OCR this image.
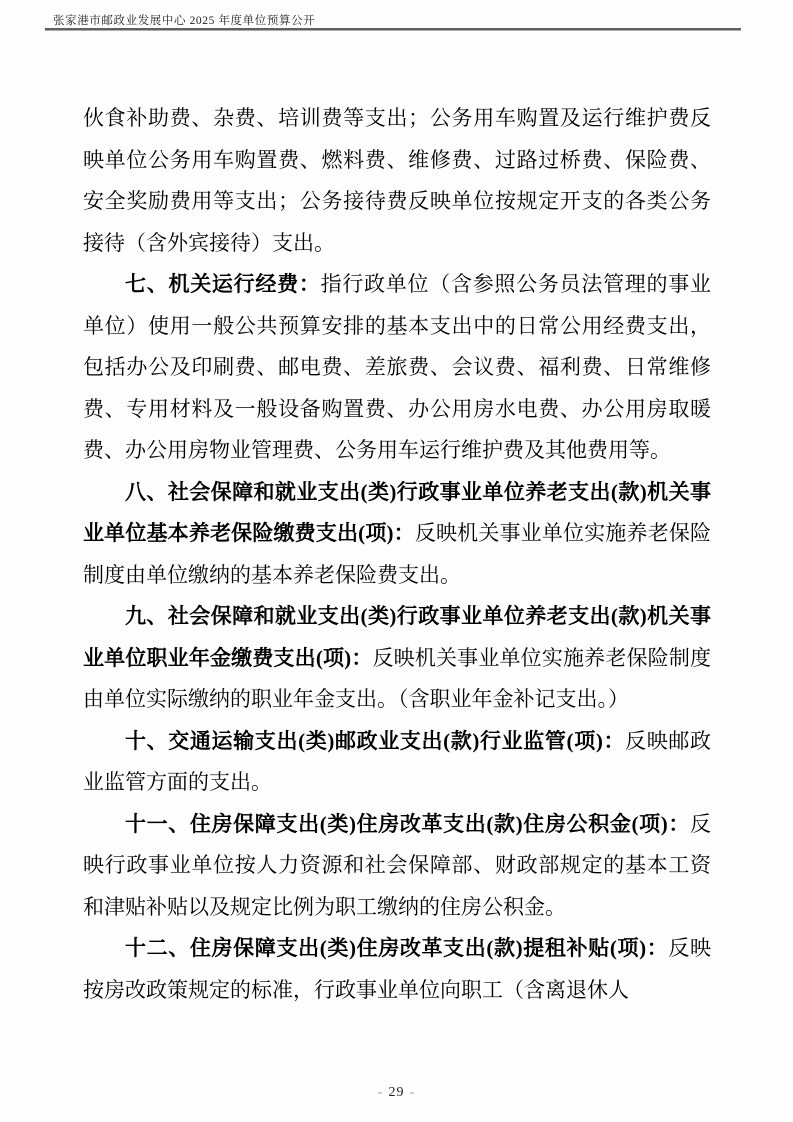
张家港市邮政业发展中心 2025 年度单位预算公开

伙食补助费、杂费、培训费等支出；公务用车购置及运行维护费反映单位公务用车购置费、燃料费、维修费、过路过桥费、保险费、安全奖励费用等支出；公务接待费反映单位按规定开支的各类公务接待（含外宾接待）支出。

七、机关运行经费：指行政单位（含参照公务员法管理的事业单位）使用一般公共预算安排的基本支出中的日常公用经费支出，包括办公及印刷费、邮电费、差旅费、会议费、福利费、日常维修费、专用材料及一般设备购置费、办公用房水电费、办公用房取暖费、办公用房物业管理费、公务用车运行维护费及其他费用等。

八、社会保障和就业支出(类)行政事业单位养老支出(款)机关事业单位基本养老保险缴费支出(项)：反映机关事业单位实施养老保险制度由单位缴纳的基本养老保险费支出。

九、社会保障和就业支出(类)行政事业单位养老支出(款)机关事业单位职业年金缴费支出(项)：反映机关事业单位实施养老保险制度由单位实际缴纳的职业年金支出。（含职业年金补记支出。）

十、交通运输支出(类)邮政业支出(款)行业监管(项)：反映邮政业监管方面的支出。

十一、住房保障支出(类)住房改革支出(款)住房公积金(项)：反映行政事业单位按人力资源和社会保障部、财政部规定的基本工资和津贴补贴以及规定比例为职工缴纳的住房公积金。

十二、住房保障支出(类)住房改革支出(款)提租补贴(项)：反映按房改政策规定的标准，行政事业单位向职工（含离退休人

- 29 -
